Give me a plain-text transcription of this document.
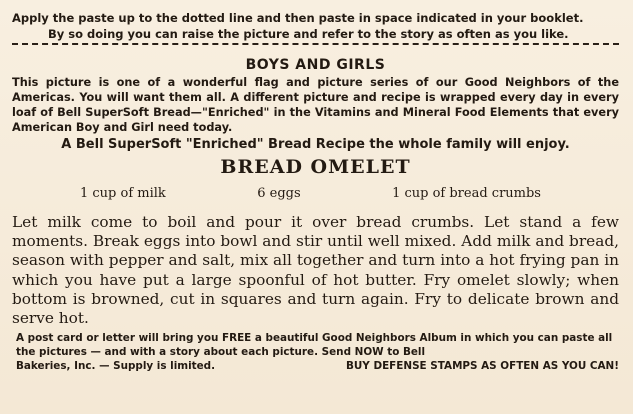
Apply the paste up to the dotted line and then paste in space indicated in your booklet.
By so doing you can raise the picture and refer to the story as often as you like.

BOYS AND GIRLS

This picture is one of a wonderful flag and picture series of our Good Neighbors of the Americas. You will want them all. A different picture and recipe is wrapped every day in every loaf of Bell SuperSoft Bread—"Enriched" in the Vitamins and Mineral Food Elements that every American Boy and Girl need today.

A Bell SuperSoft "Enriched" Bread Recipe the whole family will enjoy.
BREAD OMELET
1 cup of milk	6 eggs	1 cup of bread crumbs

Let milk come to boil and pour it over bread crumbs. Let stand a few moments. Break eggs into bowl and stir until well mixed. Add milk and bread, season with pepper and salt, mix all together and turn into a hot frying pan in which you have put a large spoonful of hot butter. Fry omelet slowly; when bottom is browned, cut in squares and turn again. Fry to delicate brown and serve hot.

A post card or letter will bring you FREE a beautiful Good Neighbors Album in which you can paste all the pictures — and with a story about each picture. Send NOW to Bell
Bakeries, Inc. — Supply is limited.	BUY DEFENSE STAMPS AS OFTEN AS YOU CAN!
